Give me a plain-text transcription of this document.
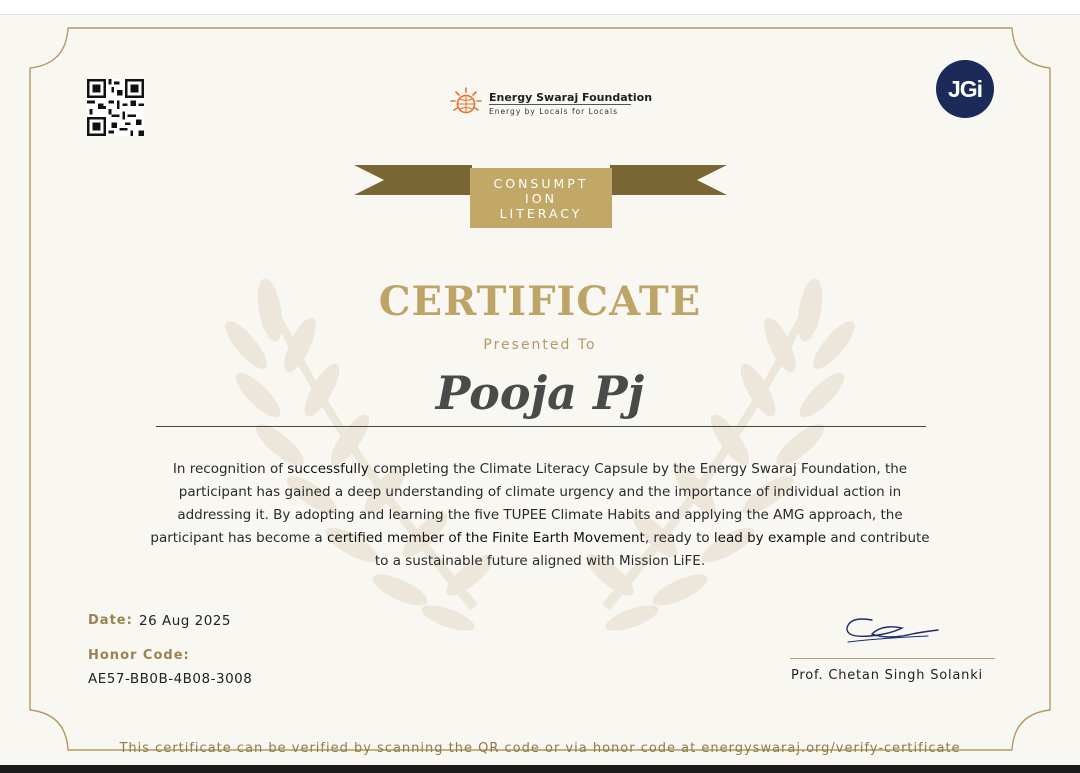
Energy Swaraj Foundation
Energy by Locals for Locals
JGi
CONSUMPT
ION
LITERACY
CERTIFICATE
Presented To
Pooja Pj

In recognition of successfully completing the Climate Literacy Capsule by the Energy Swaraj Foundation, the participant has gained a deep understanding of climate urgency and the importance of individual action in addressing it. By adopting and learning the five TUPEE Climate Habits and applying the AMG approach, the participant has become a certified member of the Finite Earth Movement, ready to lead by example and contribute to a sustainable future aligned with Mission LiFE.

Date: 26 Aug 2025
Honor Code:
AE57-BB0B-4B08-3008	Prof. Chetan Singh Solanki
This certificate can be verified by scanning the QR code or via honor code at energyswaraj.org/verify-certificate
